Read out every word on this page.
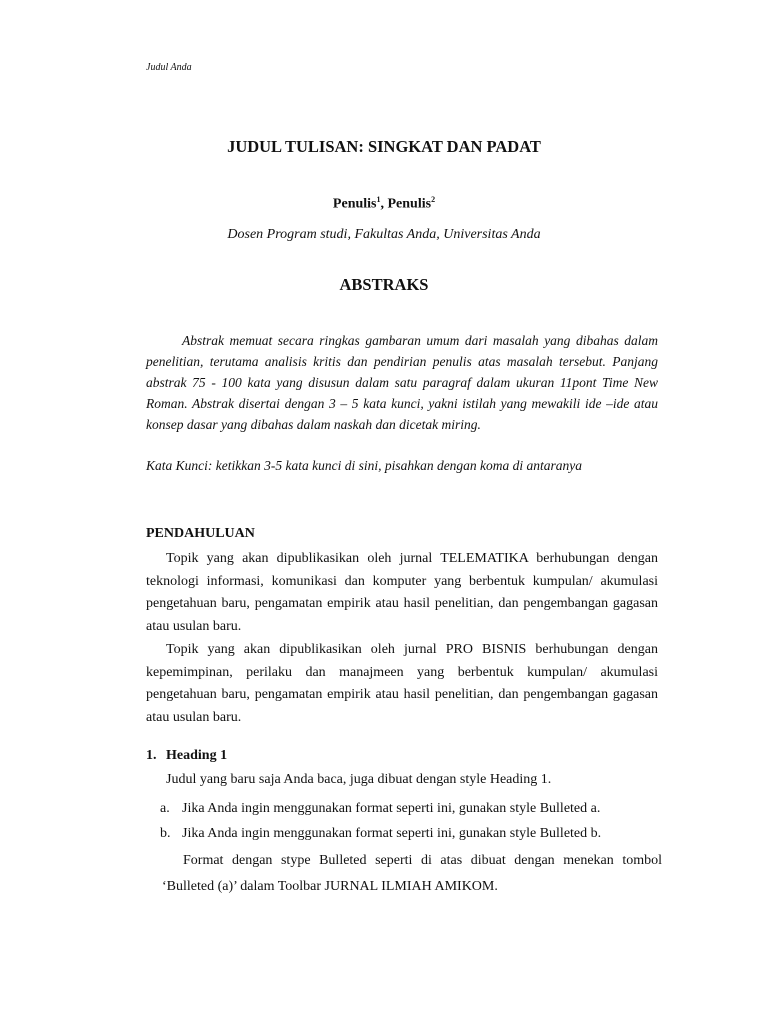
Judul Anda
JUDUL TULISAN: SINGKAT DAN PADAT
Penulis$^1$, Penulis$^2$
Dosen Program studi, Fakultas Anda, Universitas Anda
ABSTRAKS

Abstrak memuat secara ringkas gambaran umum dari masalah yang dibahas dalam penelitian, terutama analisis kritis dan pendirian penulis atas masalah tersebut. Panjang abstrak 75 - 100 kata yang disusun dalam satu paragraf dalam ukuran 11pont Time New Roman. Abstrak disertai dengan 3 – 5 kata kunci, yakni istilah yang mewakili ide –ide atau konsep dasar yang dibahas dalam naskah dan dicetak miring.

Kata Kunci: ketikkan 3-5 kata kunci di sini, pisahkan dengan koma di antaranya
PENDAHULUAN

Topik yang akan dipublikasikan oleh jurnal TELEMATIKA berhubungan dengan teknologi informasi, komunikasi dan komputer yang berbentuk kumpulan/ akumulasi pengetahuan baru, pengamatan empirik atau hasil penelitian, dan pengembangan gagasan atau usulan baru.

Topik yang akan dipublikasikan oleh jurnal PRO BISNIS berhubungan dengan kepemimpinan, perilaku dan manajmeen yang berbentuk kumpulan/ akumulasi pengetahuan baru, pengamatan empirik atau hasil penelitian, dan pengembangan gagasan atau usulan baru.

1. Heading 1
Judul yang baru saja Anda baca, juga dibuat dengan style Heading 1.
a. Jika Anda ingin menggunakan format seperti ini, gunakan style Bulleted a.
b. Jika Anda ingin menggunakan format seperti ini, gunakan style Bulleted b.

Format dengan stype Bulleted seperti di atas dibuat dengan menekan tombol ‘Bulleted (a)’ dalam Toolbar JURNAL ILMIAH AMIKOM.
